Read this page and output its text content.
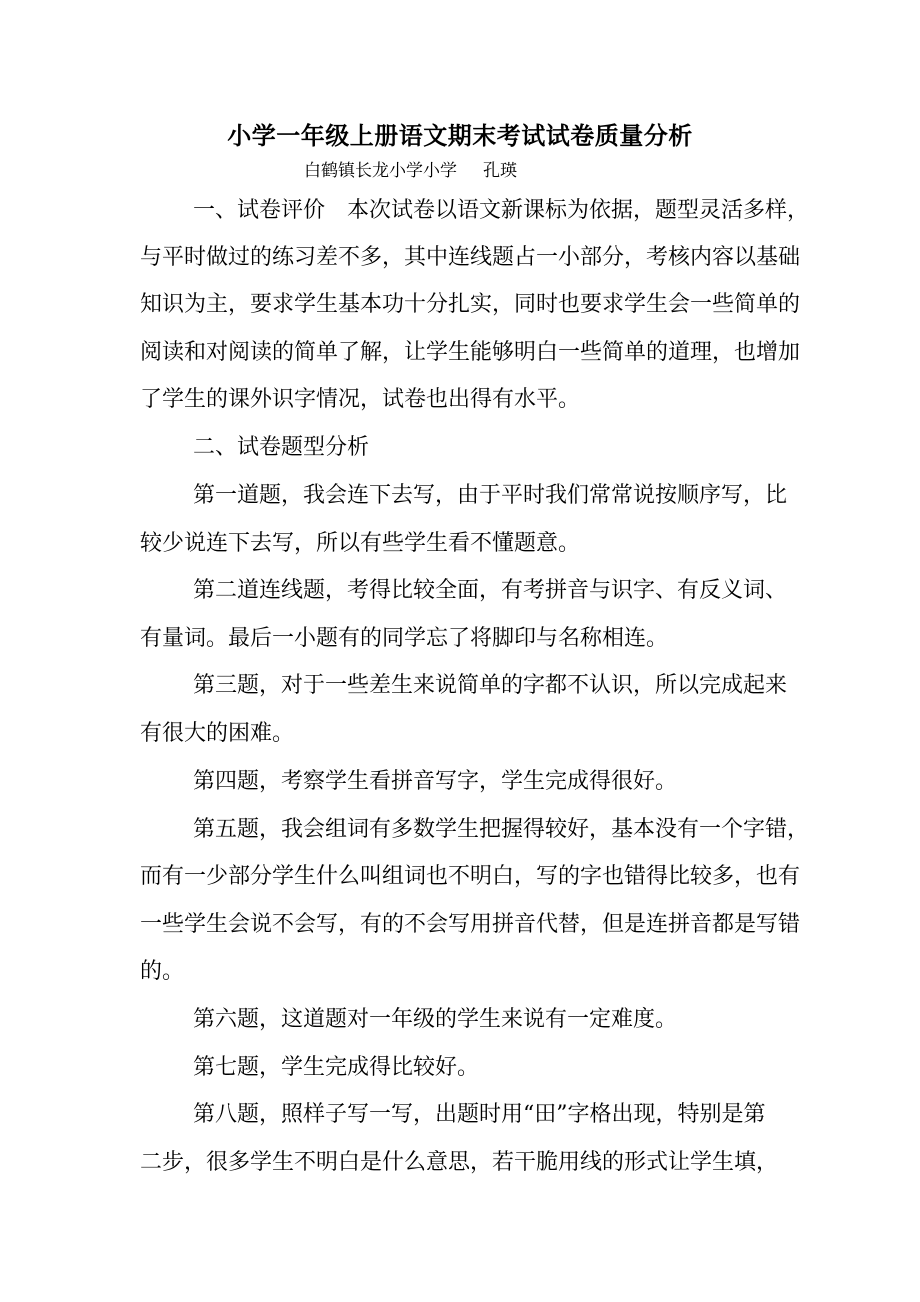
小学一年级上册语文期末考试试卷质量分析

白鹤镇长龙小学小学 孔瑛

一、试卷评价　本次试卷以语文新课标为依据，题型灵活多样，

与平时做过的练习差不多，其中连线题占一小部分，考核内容以基础

知识为主，要求学生基本功十分扎实，同时也要求学生会一些简单的

阅读和对阅读的简单了解，让学生能够明白一些简单的道理，也增加

了学生的课外识字情况，试卷也出得有水平。

二、试卷题型分析

第一道题，我会连下去写，由于平时我们常常说按顺序写，比

较少说连下去写，所以有些学生看不懂题意。

第二道连线题，考得比较全面，有考拼音与识字、有反义词、

有量词。最后一小题有的同学忘了将脚印与名称相连。

第三题，对于一些差生来说简单的字都不认识，所以完成起来

有很大的困难。

第四题，考察学生看拼音写字，学生完成得很好。

第五题，我会组词有多数学生把握得较好，基本没有一个字错，

而有一少部分学生什么叫组词也不明白，写的字也错得比较多，也有

一些学生会说不会写，有的不会写用拼音代替，但是连拼音都是写错

的。

第六题，这道题对一年级的学生来说有一定难度。

第七题，学生完成得比较好。

第八题，照样子写一写，出题时用“田”字格出现，特别是第

二步，很多学生不明白是什么意思，若干脆用线的形式让学生填，
